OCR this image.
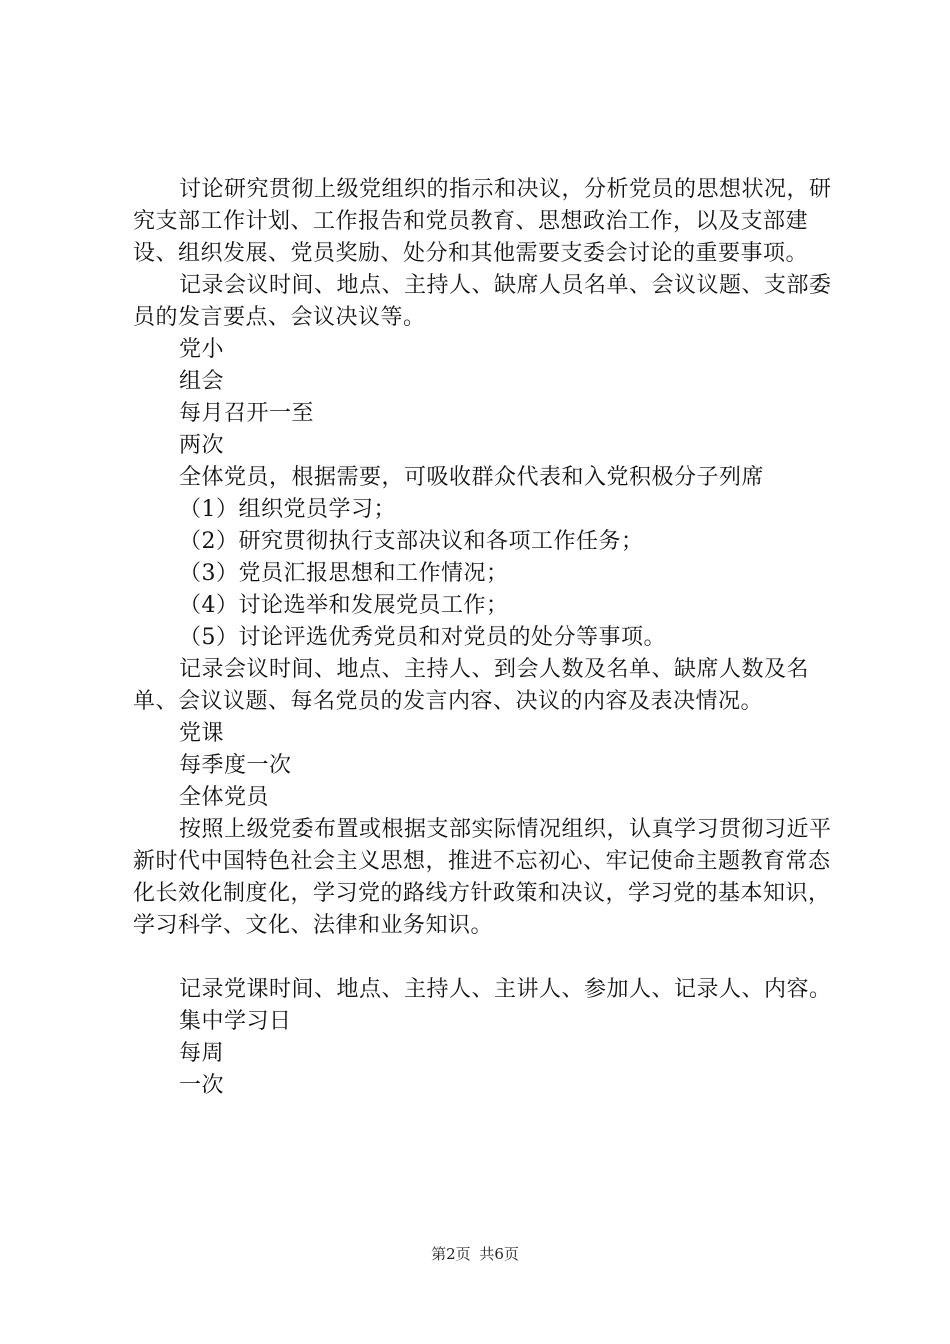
讨论研究贯彻上级党组织的指示和决议，分析党员的思想状况，研究支部工作计划、工作报告和党员教育、思想政治工作，以及支部建设、组织发展、党员奖励、处分和其他需要支委会讨论的重要事项。

记录会议时间、地点、主持人、缺席人员名单、会议议题、支部委员的发言要点、会议决议等。

党小

组会

每月召开一至

两次

全体党员，根据需要，可吸收群众代表和入党积极分子列席

（1）组织党员学习；

（2）研究贯彻执行支部决议和各项工作任务；

（3）党员汇报思想和工作情况；

（4）讨论选举和发展党员工作；

（5）讨论评选优秀党员和对党员的处分等事项。

记录会议时间、地点、主持人、到会人数及名单、缺席人数及名单、会议议题、每名党员的发言内容、决议的内容及表决情况。

党课

每季度一次

全体党员

按照上级党委布置或根据支部实际情况组织，认真学习贯彻习近平新时代中国特色社会主义思想，推进不忘初心、牢记使命主题教育常态化长效化制度化，学习党的路线方针政策和决议，学习党的基本知识，学习科学、文化、法律和业务知识。

记录党课时间、地点、主持人、主讲人、参加人、记录人、内容。

集中学习日

每周

一次

第2页 共6页
